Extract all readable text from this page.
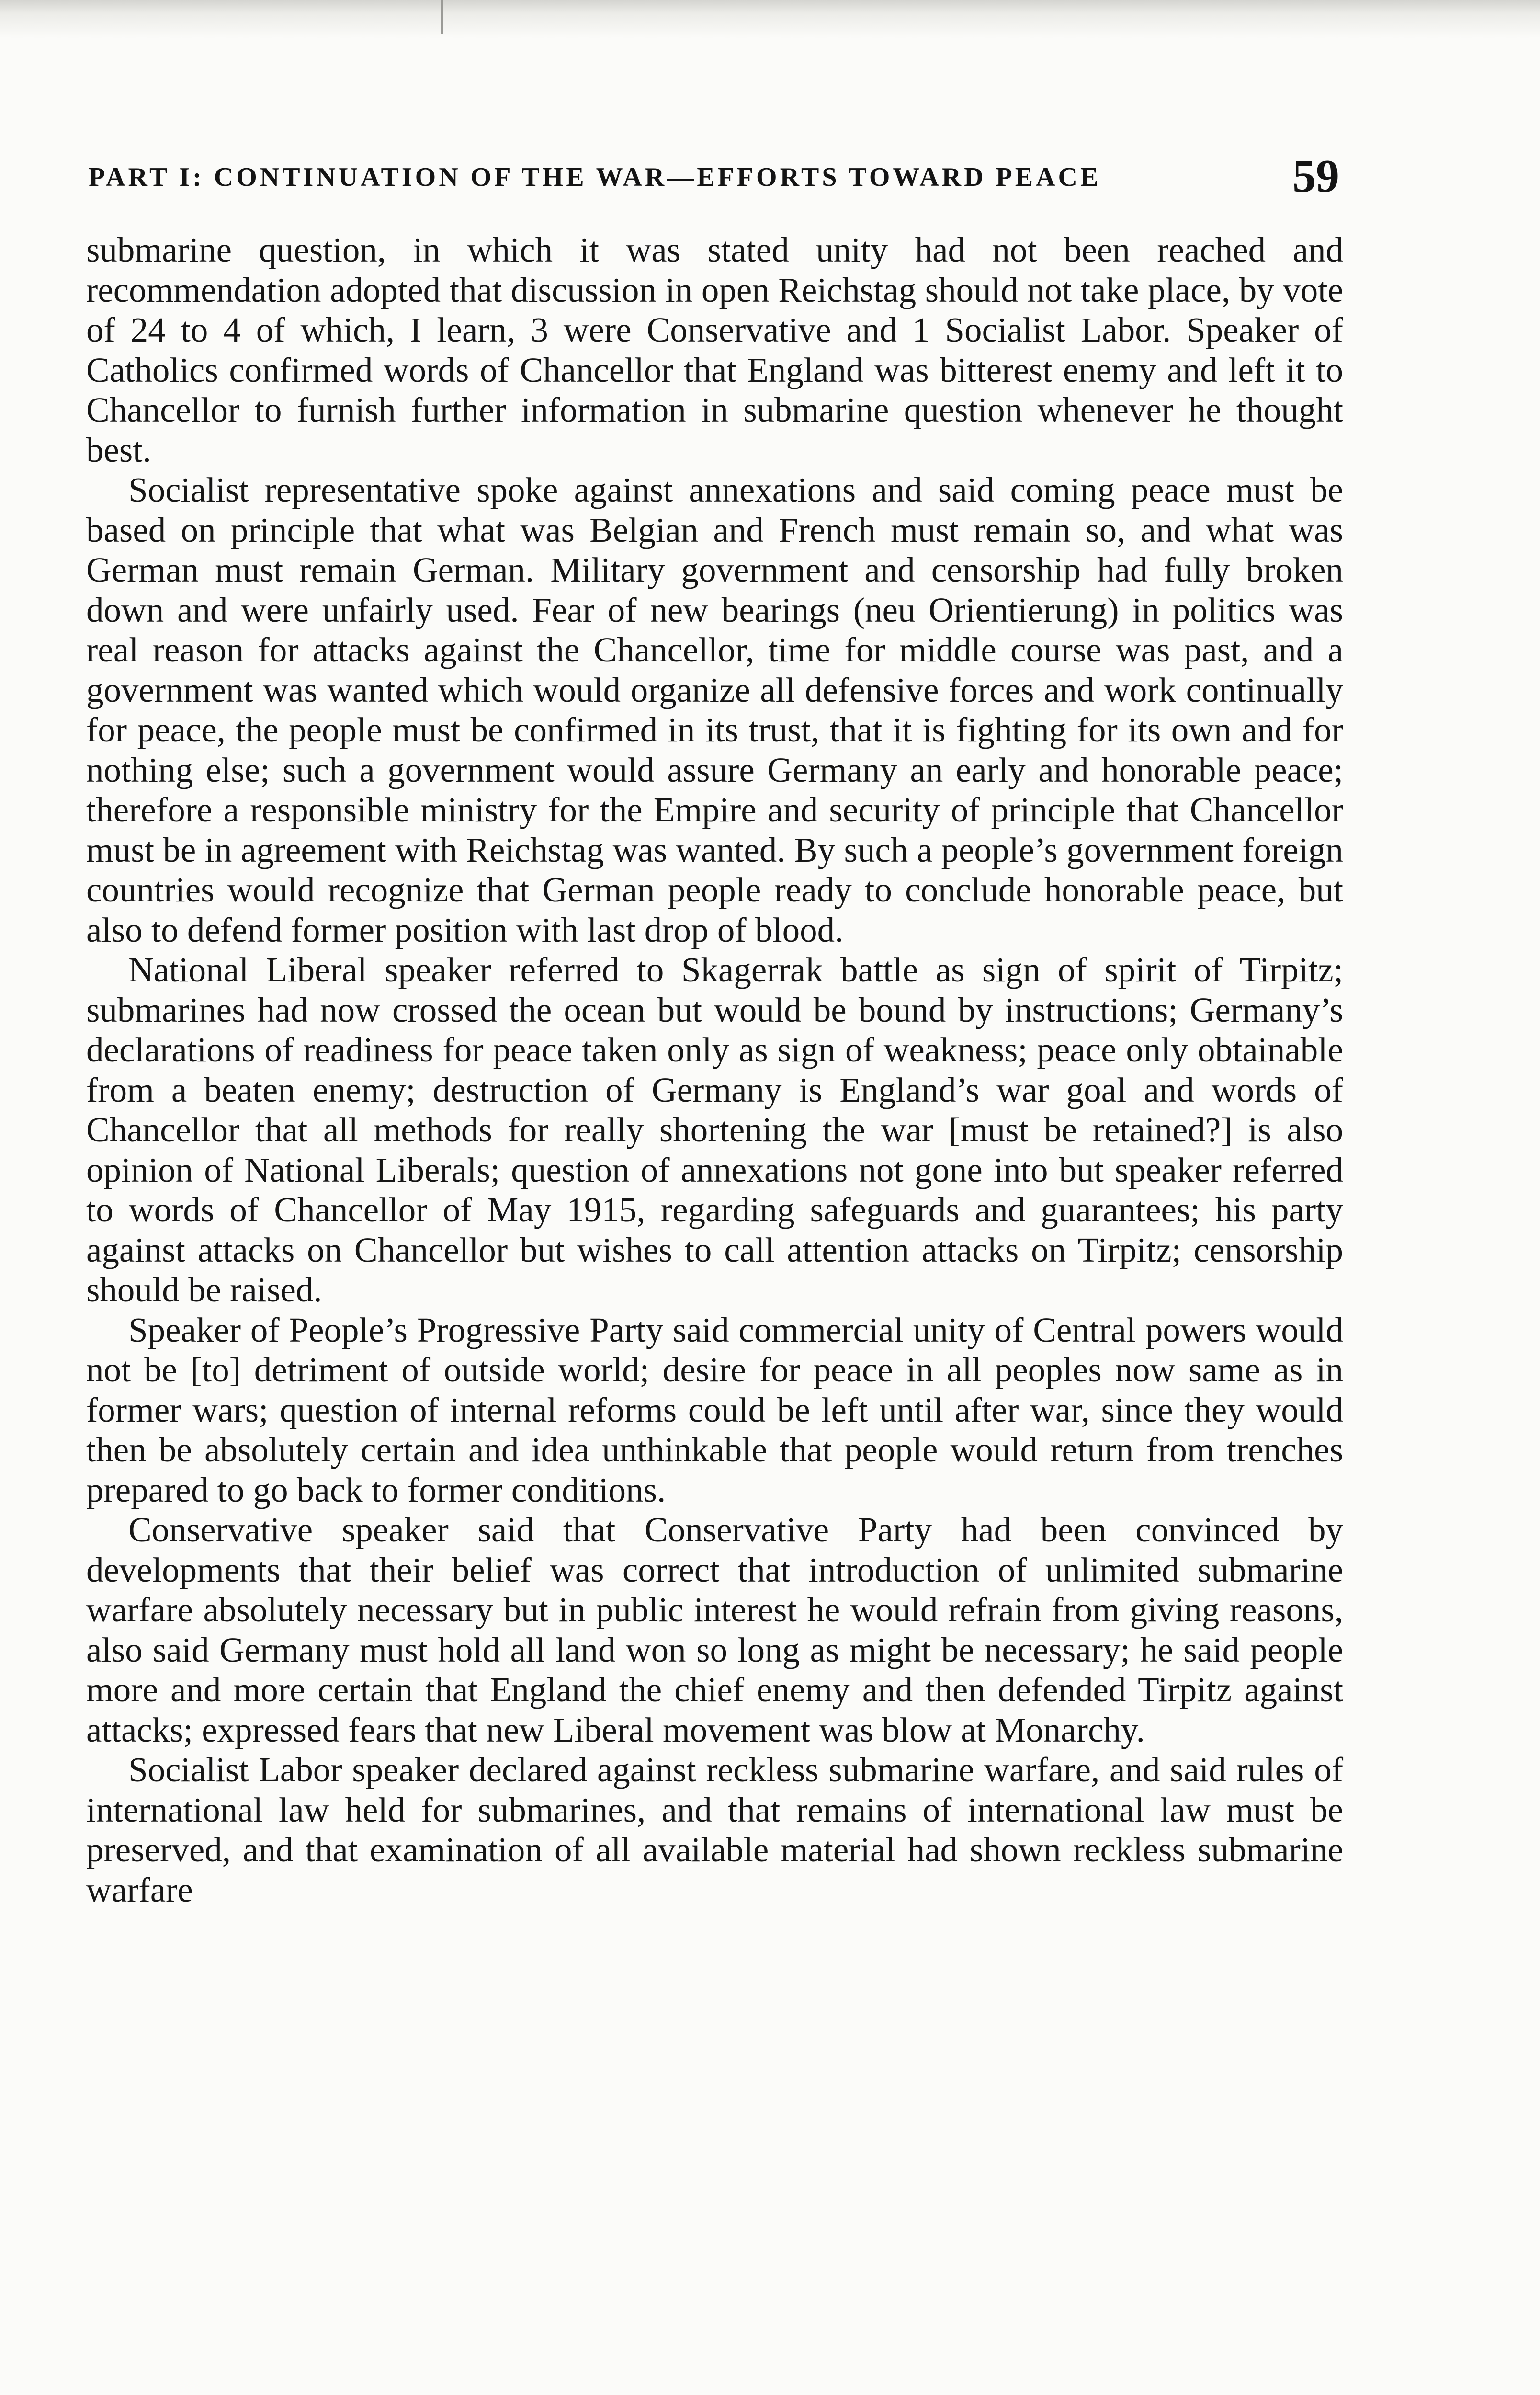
PART I: CONTINUATION OF THE WAR—EFFORTS TOWARD PEACE	59

submarine question, in which it was stated unity had not been reached and recommendation adopted that discussion in open Reichstag should not take place, by vote of 24 to 4 of which, I learn, 3 were Conservative and 1 Socialist Labor. Speaker of Catholics confirmed words of Chancellor that England was bitterest enemy and left it to Chancellor to furnish further information in submarine question whenever he thought best.

Socialist representative spoke against annexations and said coming peace must be based on principle that what was Belgian and French must remain so, and what was German must remain German. Military government and censorship had fully broken down and were unfairly used. Fear of new bearings (neu Orientierung) in politics was real reason for attacks against the Chancellor, time for middle course was past, and a government was wanted which would organize all defensive forces and work continually for peace, the people must be confirmed in its trust, that it is fighting for its own and for nothing else; such a government would assure Germany an early and honorable peace; therefore a responsible ministry for the Empire and security of principle that Chancellor must be in agreement with Reichstag was wanted. By such a people’s government foreign countries would recognize that German people ready to conclude honorable peace, but also to defend former position with last drop of blood.

National Liberal speaker referred to Skagerrak battle as sign of spirit of Tirpitz; submarines had now crossed the ocean but would be bound by instructions; Germany’s declarations of readiness for peace taken only as sign of weakness; peace only obtainable from a beaten enemy; destruction of Germany is England’s war goal and words of Chancellor that all methods for really shortening the war [must be retained?] is also opinion of National Liberals; question of annexations not gone into but speaker referred to words of Chancellor of May 1915, regarding safeguards and guarantees; his party against attacks on Chancellor but wishes to call attention attacks on Tirpitz; censorship should be raised.

Speaker of People’s Progressive Party said commercial unity of Central powers would not be [to] detriment of outside world; desire for peace in all peoples now same as in former wars; question of internal reforms could be left until after war, since they would then be absolutely certain and idea unthinkable that people would return from trenches prepared to go back to former conditions.

Conservative speaker said that Conservative Party had been convinced by developments that their belief was correct that introduction of unlimited submarine warfare absolutely necessary but in public interest he would refrain from giving reasons, also said Germany must hold all land won so long as might be necessary; he said people more and more certain that England the chief enemy and then defended Tirpitz against attacks; expressed fears that new Liberal movement was blow at Monarchy.

Socialist Labor speaker declared against reckless submarine warfare, and said rules of international law held for submarines, and that remains of international law must be preserved, and that examination of all available material had shown reckless submarine warfare
